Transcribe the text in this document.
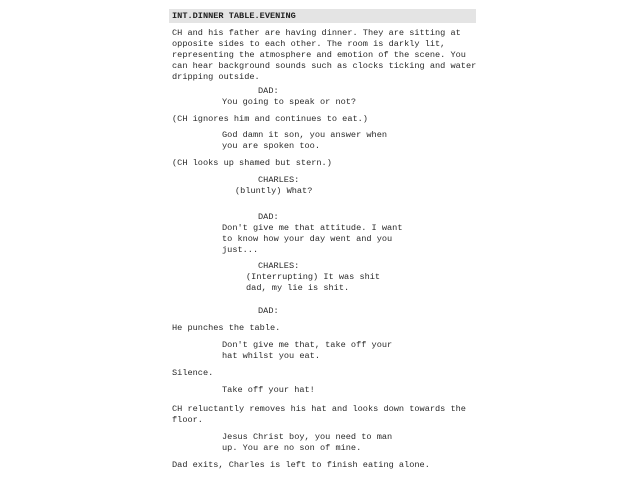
INT.DINNER TABLE.EVENING
CH and his father are having dinner. They are sitting at
opposite sides to each other. The room is darkly lit,
representing the atmosphere and emotion of the scene. You
can hear background sounds such as clocks ticking and water
dripping outside.
DAD:
You going to speak or not?
(CH ignores him and continues to eat.)
God damn it son, you answer when
you are spoken too.
(CH looks up shamed but stern.)
CHARLES:
(bluntly) What?
DAD:
Don't give me that attitude. I want
to know how your day went and you
just...
CHARLES:
(Interrupting) It was shit
dad, my lie is shit.
DAD:
He punches the table.
Don't give me that, take off your
hat whilst you eat.
Silence.
Take off your hat!
CH reluctantly removes his hat and looks down towards the
floor.
Jesus Christ boy, you need to man
up. You are no son of mine.
Dad exits, Charles is left to finish eating alone.
